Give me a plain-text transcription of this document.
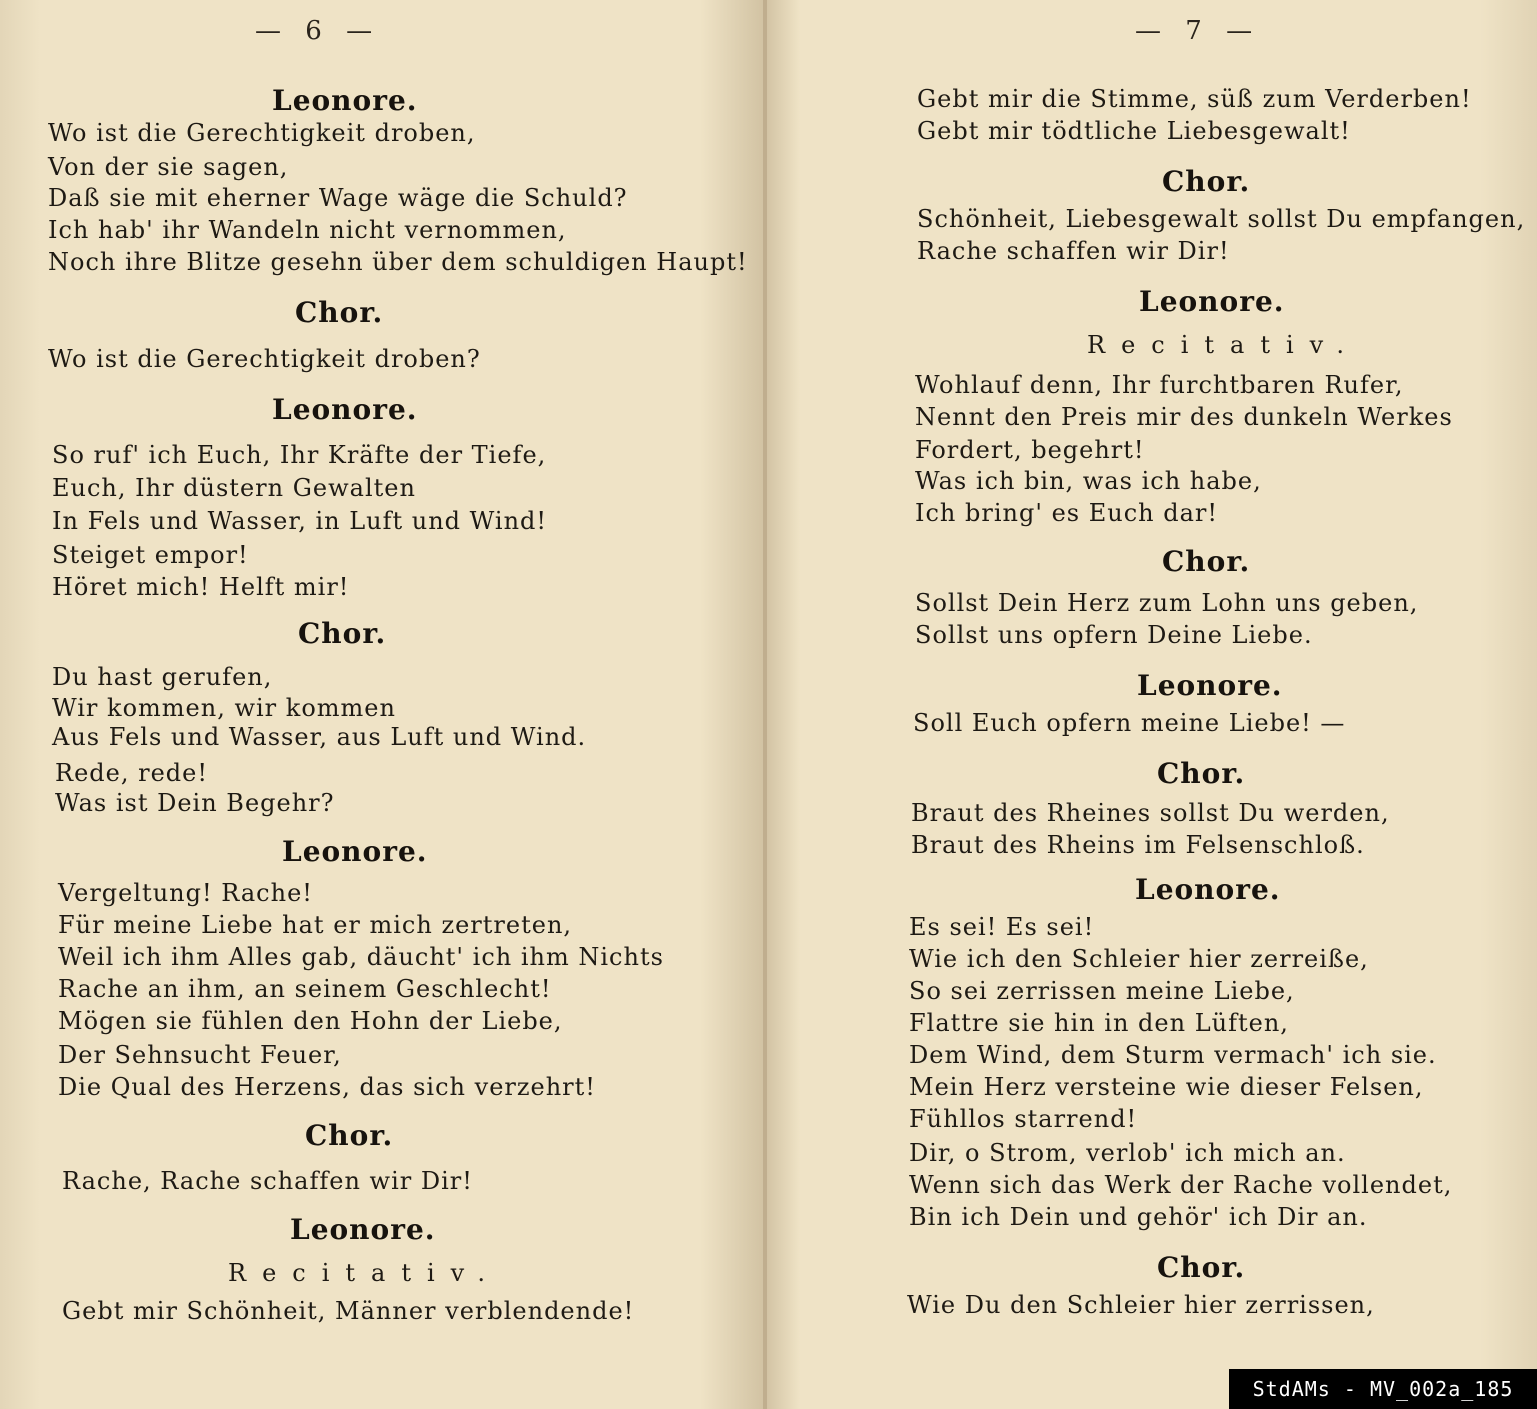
— 6 —
Leonore.
Wo ist die Gerechtigkeit droben,
Von der sie sagen,
Daß sie mit eherner Wage wäge die Schuld?
Ich hab' ihr Wandeln nicht vernommen,
Noch ihre Blitze gesehn über dem schuldigen Haupt!
Chor.
Wo ist die Gerechtigkeit droben?
Leonore.
So ruf' ich Euch, Ihr Kräfte der Tiefe,
Euch, Ihr düstern Gewalten
In Fels und Wasser, in Luft und Wind!
Steiget empor!
Höret mich! Helft mir!
Chor.
Du hast gerufen,
Wir kommen, wir kommen
Aus Fels und Wasser, aus Luft und Wind.
Rede, rede!
Was ist Dein Begehr?
Leonore.
Vergeltung! Rache!
Für meine Liebe hat er mich zertreten,
Weil ich ihm Alles gab, däucht' ich ihm Nichts
Rache an ihm, an seinem Geschlecht!
Mögen sie fühlen den Hohn der Liebe,
Der Sehnsucht Feuer,
Die Qual des Herzens, das sich verzehrt!
Chor.
Rache, Rache schaffen wir Dir!
Leonore.
Recitativ.
Gebt mir Schönheit, Männer verblendende!
— 7 —
Gebt mir die Stimme, süß zum Verderben!
Gebt mir tödtliche Liebesgewalt!
Chor.
Schönheit, Liebesgewalt sollst Du empfangen,
Rache schaffen wir Dir!
Leonore.
Recitativ.
Wohlauf denn, Ihr furchtbaren Rufer,
Nennt den Preis mir des dunkeln Werkes
Fordert, begehrt!
Was ich bin, was ich habe,
Ich bring' es Euch dar!
Chor.
Sollst Dein Herz zum Lohn uns geben,
Sollst uns opfern Deine Liebe.
Leonore.
Soll Euch opfern meine Liebe! —
Chor.
Braut des Rheines sollst Du werden,
Braut des Rheins im Felsenschloß.
Leonore.
Es sei! Es sei!
Wie ich den Schleier hier zerreiße,
So sei zerrissen meine Liebe,
Flattre sie hin in den Lüften,
Dem Wind, dem Sturm vermach' ich sie.
Mein Herz versteine wie dieser Felsen,
Fühllos starrend!
Dir, o Strom, verlob' ich mich an.
Wenn sich das Werk der Rache vollendet,
Bin ich Dein und gehör' ich Dir an.
Chor.
Wie Du den Schleier hier zerrissen,
StdAMs - MV_002a_185
